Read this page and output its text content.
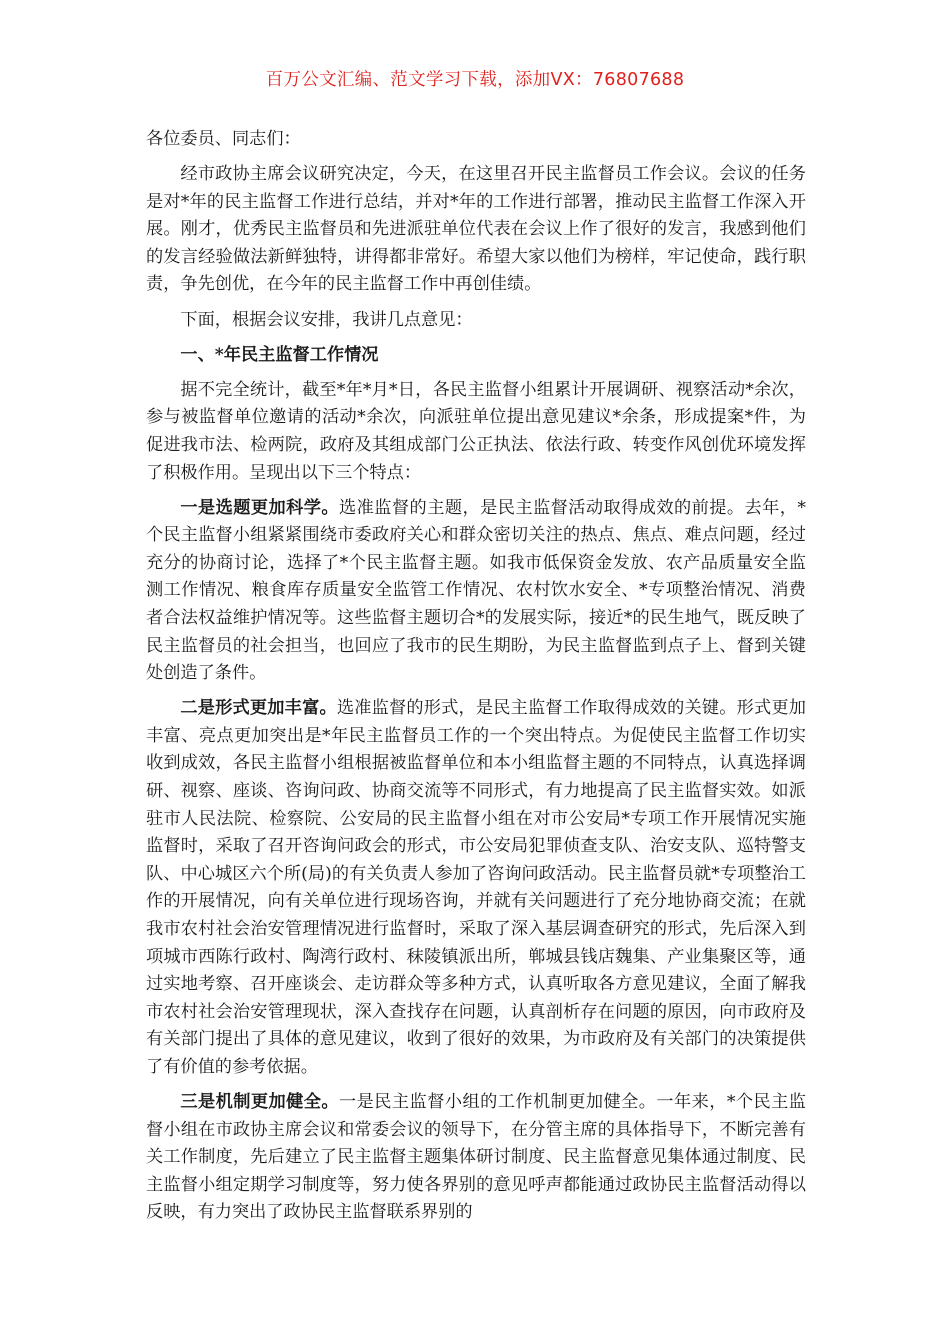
百万公文汇编、范文学习下载，添加VX：76807688

各位委员、同志们：

经市政协主席会议研究决定，今天，在这里召开民主监督员工作会议。会议的任务是对*年的民主监督工作进行总结，并对*年的工作进行部署，推动民主监督工作深入开展。刚才，优秀民主监督员和先进派驻单位代表在会议上作了很好的发言，我感到他们的发言经验做法新鲜独特，讲得都非常好。希望大家以他们为榜样，牢记使命，践行职责，争先创优，在今年的民主监督工作中再创佳绩。

下面，根据会议安排，我讲几点意见：

一、*年民主监督工作情况

据不完全统计，截至*年*月*日，各民主监督小组累计开展调研、视察活动*余次，参与被监督单位邀请的活动*余次，向派驻单位提出意见建议*余条，形成提案*件，为促进我市法、检两院，政府及其组成部门公正执法、依法行政、转变作风创优环境发挥了积极作用。呈现出以下三个特点：

一是选题更加科学。选准监督的主题，是民主监督活动取得成效的前提。去年，*个民主监督小组紧紧围绕市委政府关心和群众密切关注的热点、焦点、难点问题，经过充分的协商讨论，选择了*个民主监督主题。如我市低保资金发放、农产品质量安全监测工作情况、粮食库存质量安全监管工作情况、农村饮水安全、*专项整治情况、消费者合法权益维护情况等。这些监督主题切合*的发展实际，接近*的民生地气，既反映了民主监督员的社会担当，也回应了我市的民生期盼，为民主监督监到点子上、督到关键处创造了条件。

二是形式更加丰富。选准监督的形式，是民主监督工作取得成效的关键。形式更加丰富、亮点更加突出是*年民主监督员工作的一个突出特点。为促使民主监督工作切实收到成效，各民主监督小组根据被监督单位和本小组监督主题的不同特点，认真选择调研、视察、座谈、咨询问政、协商交流等不同形式，有力地提高了民主监督实效。如派驻市人民法院、检察院、公安局的民主监督小组在对市公安局*专项工作开展情况实施监督时，采取了召开咨询问政会的形式，市公安局犯罪侦查支队、治安支队、巡特警支队、中心城区六个所(局)的有关负责人参加了咨询问政活动。民主监督员就*专项整治工作的开展情况，向有关单位进行现场咨询，并就有关问题进行了充分地协商交流；在就我市农村社会治安管理情况进行监督时，采取了深入基层调查研究的形式，先后深入到项城市西陈行政村、陶湾行政村、秣陵镇派出所，郸城县钱店魏集、产业集聚区等，通过实地考察、召开座谈会、走访群众等多种方式，认真听取各方意见建议，全面了解我市农村社会治安管理现状，深入查找存在问题，认真剖析存在问题的原因，向市政府及有关部门提出了具体的意见建议，收到了很好的效果，为市政府及有关部门的决策提供了有价值的参考依据。

三是机制更加健全。一是民主监督小组的工作机制更加健全。一年来，*个民主监督小组在市政协主席会议和常委会议的领导下，在分管主席的具体指导下，不断完善有关工作制度，先后建立了民主监督主题集体研讨制度、民主监督意见集体通过制度、民主监督小组定期学习制度等，努力使各界别的意见呼声都能通过政协民主监督活动得以反映，有力突出了政协民主监督联系界别的
